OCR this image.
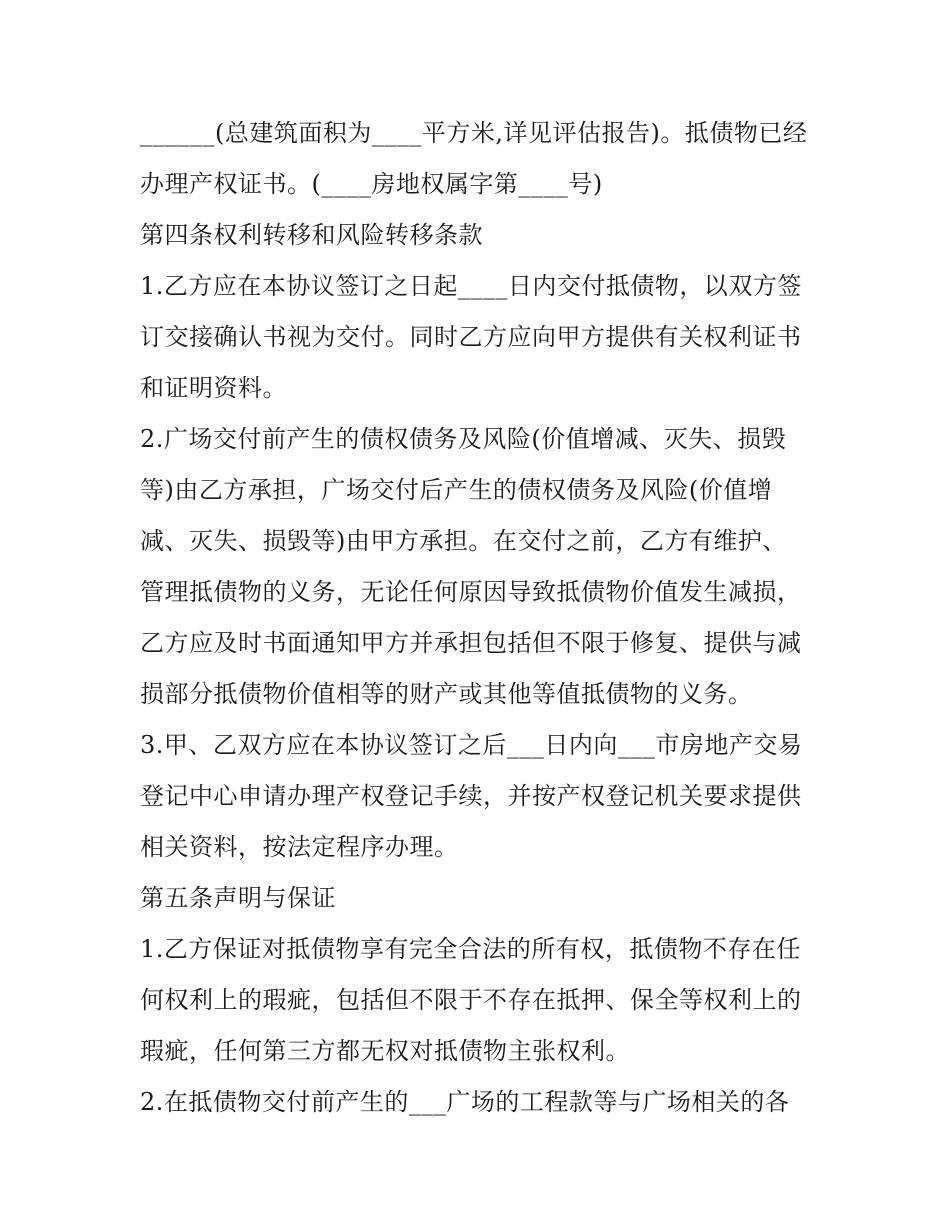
______(总建筑面积为____平方米,详见评估报告)。抵债物已经
办理产权证书。(____房地权属字第____号)
第四条权利转移和风险转移条款
1.乙方应在本协议签订之日起____日内交付抵债物，以双方签
订交接确认书视为交付。同时乙方应向甲方提供有关权利证书
和证明资料。
2.广场交付前产生的债权债务及风险(价值增减、灭失、损毁
等)由乙方承担，广场交付后产生的债权债务及风险(价值增
减、灭失、损毁等)由甲方承担。在交付之前，乙方有维护、
管理抵债物的义务，无论任何原因导致抵债物价值发生减损，
乙方应及时书面通知甲方并承担包括但不限于修复、提供与减
损部分抵债物价值相等的财产或其他等值抵债物的义务。
3.甲、乙双方应在本协议签订之后___日内向___市房地产交易
登记中心申请办理产权登记手续，并按产权登记机关要求提供
相关资料，按法定程序办理。
第五条声明与保证
1.乙方保证对抵债物享有完全合法的所有权，抵债物不存在任
何权利上的瑕疵，包括但不限于不存在抵押、保全等权利上的
瑕疵，任何第三方都无权对抵债物主张权利。
2.在抵债物交付前产生的___广场的工程款等与广场相关的各
